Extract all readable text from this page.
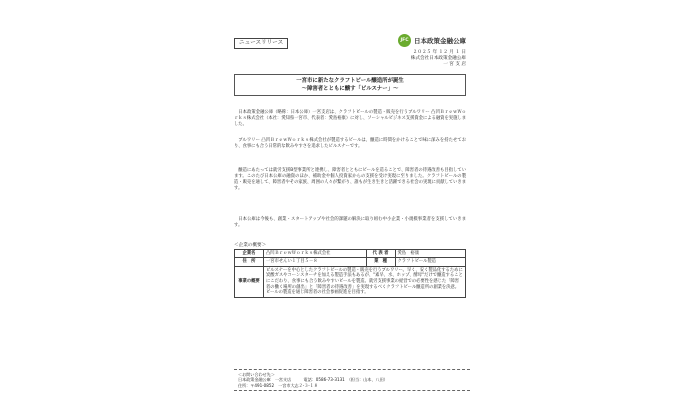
ニュースリリース	JFC 日本政策金融公庫
２０２５ 年 １２ 月 １ 日
株式会社日本政策金融公庫
一 宮 支 店
一宮市に新たなクラフトビール醸造所が誕生
～障害者とともに醸す「ピルスナー」～
日本政策金融公庫（略称：日本公庫）一宮支店は、クラフトビールの製造・販売を行うブルワリー 凸凹ＢｒｅｗＷｏｒｋｓ株式会社（本社：愛知県一宮市、代表者：愛島裕康）に対し、ソーシャルビジネス支援資金による融資を実施しました。
ブルワリー 凸凹ＢｒｅｗＷｏｒｋｓ株式会社が製造するビールは、醸造に時間をかけることで味に深みを持たせており、食事にも合う日常的な飲みやすさを追求したピルスナーです。
醸造にあたっては就労支援B型事業所と連携し、障害者とともにビールを造ることで、障害者の待遇改善も目指しています。このたび日本公庫の融資のほか、補助金や個人投資家からの支援を受け実現に至りました。クラフトビールの製造・販売を通して、障害者やその家族、周囲の人々が繋がり、誰もが生き生きと活躍できる社会の実現に貢献していきます。
日本公庫は今後も、創業・スタートアップや社会的課題の解決に取り組む中小企業・小規模事業者を支援していきます。
＜企業の概要＞
企業名	凸凹ＢｒｅｗＷｏｒｋｓ株式会社	代 表 者	愛島　裕康
住　所	一宮市せんい１丁目５－８	業　種	クラフトビール製造
事業の概要	ピルスナーを中心としたクラフトビールの製造・販売を行うブルワリー。早く、安く製品化するために炭酸ガスやコーンスターチを加える製造手法もあるが、"素早、水、ホップ、酵母"だけで醸造することにこだわり、食事にも合う飲みやすいビールを製造。就労支援事業の経営での必要性を感じた「障害者の働く場所の創出」と「障害者の待遇改善」を実現するべくクラフトビール醸造所の創業を決意。ビールの製造を通じ障害者の社会参画促進を目指す。		
＜お問い合わせ先＞
日本政策金融公庫　一宮支店　　　電話：0586-73-3131　（担当：山本、八田）
住所：〒491-0852　一宮市大志２-３-１８
